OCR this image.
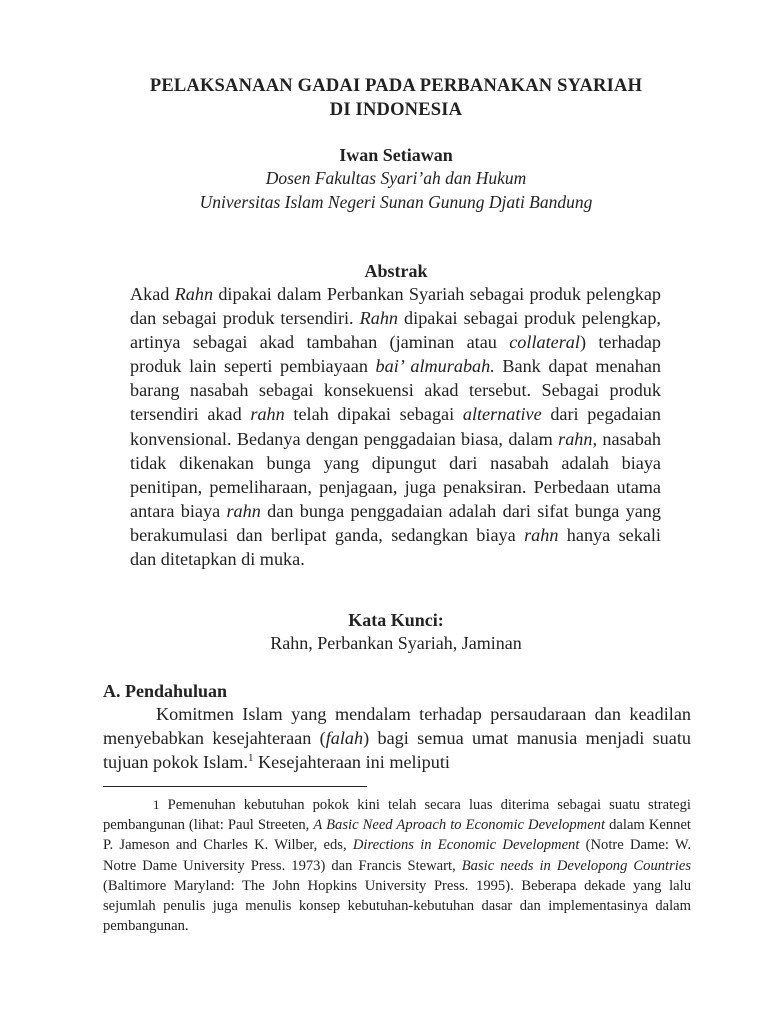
PELAKSANAAN GADAI PADA PERBANAKAN SYARIAH
DI INDONESIA
Iwan Setiawan
Dosen Fakultas Syari’ah dan Hukum
Universitas Islam Negeri Sunan Gunung Djati Bandung
Abstrak

Akad Rahn dipakai dalam Perbankan Syariah sebagai produk pelengkap dan sebagai produk tersendiri. Rahn dipakai sebagai produk pelengkap, artinya sebagai akad tambahan (jaminan atau collateral) terhadap produk lain seperti pembiayaan bai’ almurabah. Bank dapat menahan barang nasabah sebagai konsekuensi akad tersebut. Sebagai produk tersendiri akad rahn telah dipakai sebagai alternative dari pegadaian konvensional. Bedanya dengan penggadaian biasa, dalam rahn, nasabah tidak dikenakan bunga yang dipungut dari nasabah adalah biaya penitipan, pemeliharaan, penjagaan, juga penaksiran. Perbedaan utama antara biaya rahn dan bunga penggadaian adalah dari sifat bunga yang berakumulasi dan berlipat ganda, sedangkan biaya rahn hanya sekali dan ditetapkan di muka.

Kata Kunci:
Rahn, Perbankan Syariah, Jaminan
A. Pendahuluan

Komitmen Islam yang mendalam terhadap persaudaraan dan keadilan menyebabkan kesejahteraan (falah) bagi semua umat manusia menjadi suatu tujuan pokok Islam.$^1$ Kesejahteraan ini meliputi

1 Pemenuhan kebutuhan pokok kini telah secara luas diterima sebagai suatu strategi pembangunan (lihat: Paul Streeten, A Basic Need Aproach to Economic Development dalam Kennet P. Jameson and Charles K. Wilber, eds, Directions in Economic Development (Notre Dame: W. Notre Dame University Press. 1973) dan Francis Stewart, Basic needs in Developong Countries (Baltimore Maryland: The John Hopkins University Press. 1995). Beberapa dekade yang lalu sejumlah penulis juga menulis konsep kebutuhan-kebutuhan dasar dan implementasinya dalam pembangunan.
